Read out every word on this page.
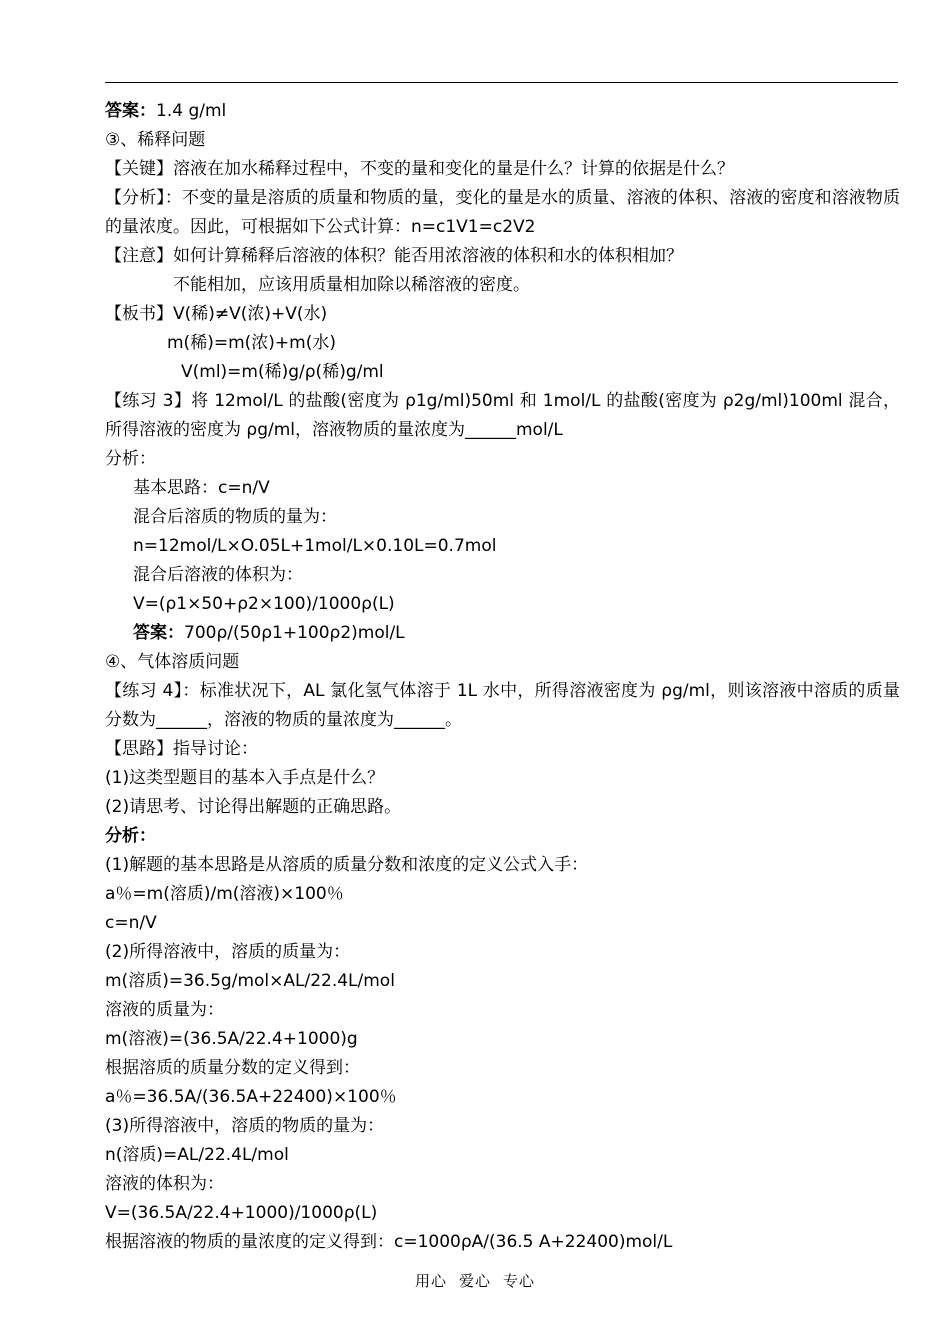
答案：1.4 g/ml
③、稀释问题
【关键】溶液在加水稀释过程中，不变的量和变化的量是什么？计算的依据是什么？
【分析】：不变的量是溶质的质量和物质的量，变化的量是水的质量、溶液的体积、溶液的密度和溶液物质的量浓度。因此，可根据如下公式计算：n=c1V1=c2V2
【注意】如何计算稀释后溶液的体积？能否用浓溶液的体积和水的体积相加？
不能相加，应该用质量相加除以稀溶液的密度。
【板书】V(稀)≠V(浓)+V(水)
m(稀)=m(浓)+m(水)
V(ml)=m(稀)g/ρ(稀)g/ml
【练习 3】将 12mol/L 的盐酸(密度为 ρ1g/ml)50ml 和 1mol/L 的盐酸(密度为 ρ2g/ml)100ml 混合，所得溶液的密度为 ρg/ml，溶液物质的量浓度为______mol/L
分析：
基本思路：c=n/V
混合后溶质的物质的量为：
n=12mol/L×O.05L+1mol/L×0.10L=0.7mol
混合后溶液的体积为：
V=(ρ1×50+ρ2×100)/1000ρ(L)
答案：700ρ/(50ρ1+100ρ2)mol/L
④、气体溶质问题
【练习 4】：标准状况下，AL 氯化氢气体溶于 1L 水中，所得溶液密度为 ρg/ml，则该溶液中溶质的质量分数为______，溶液的物质的量浓度为______。
【思路】指导讨论：
(1)这类型题目的基本入手点是什么？
(2)请思考、讨论得出解题的正确思路。
分析：
(1)解题的基本思路是从溶质的质量分数和浓度的定义公式入手：
a％=m(溶质)/m(溶液)×100％
c=n/V
(2)所得溶液中，溶质的质量为：
m(溶质)=36.5g/mol×AL/22.4L/mol
溶液的质量为：
m(溶液)=(36.5A/22.4+1000)g
根据溶质的质量分数的定义得到：
a％=36.5A/(36.5A+22400)×100％
(3)所得溶液中，溶质的物质的量为：
n(溶质)=AL/22.4L/mol
溶液的体积为：
V=(36.5A/22.4+1000)/1000ρ(L)
根据溶液的物质的量浓度的定义得到：c=1000ρA/(36.5 A+22400)mol/L
用心 爱心 专心
